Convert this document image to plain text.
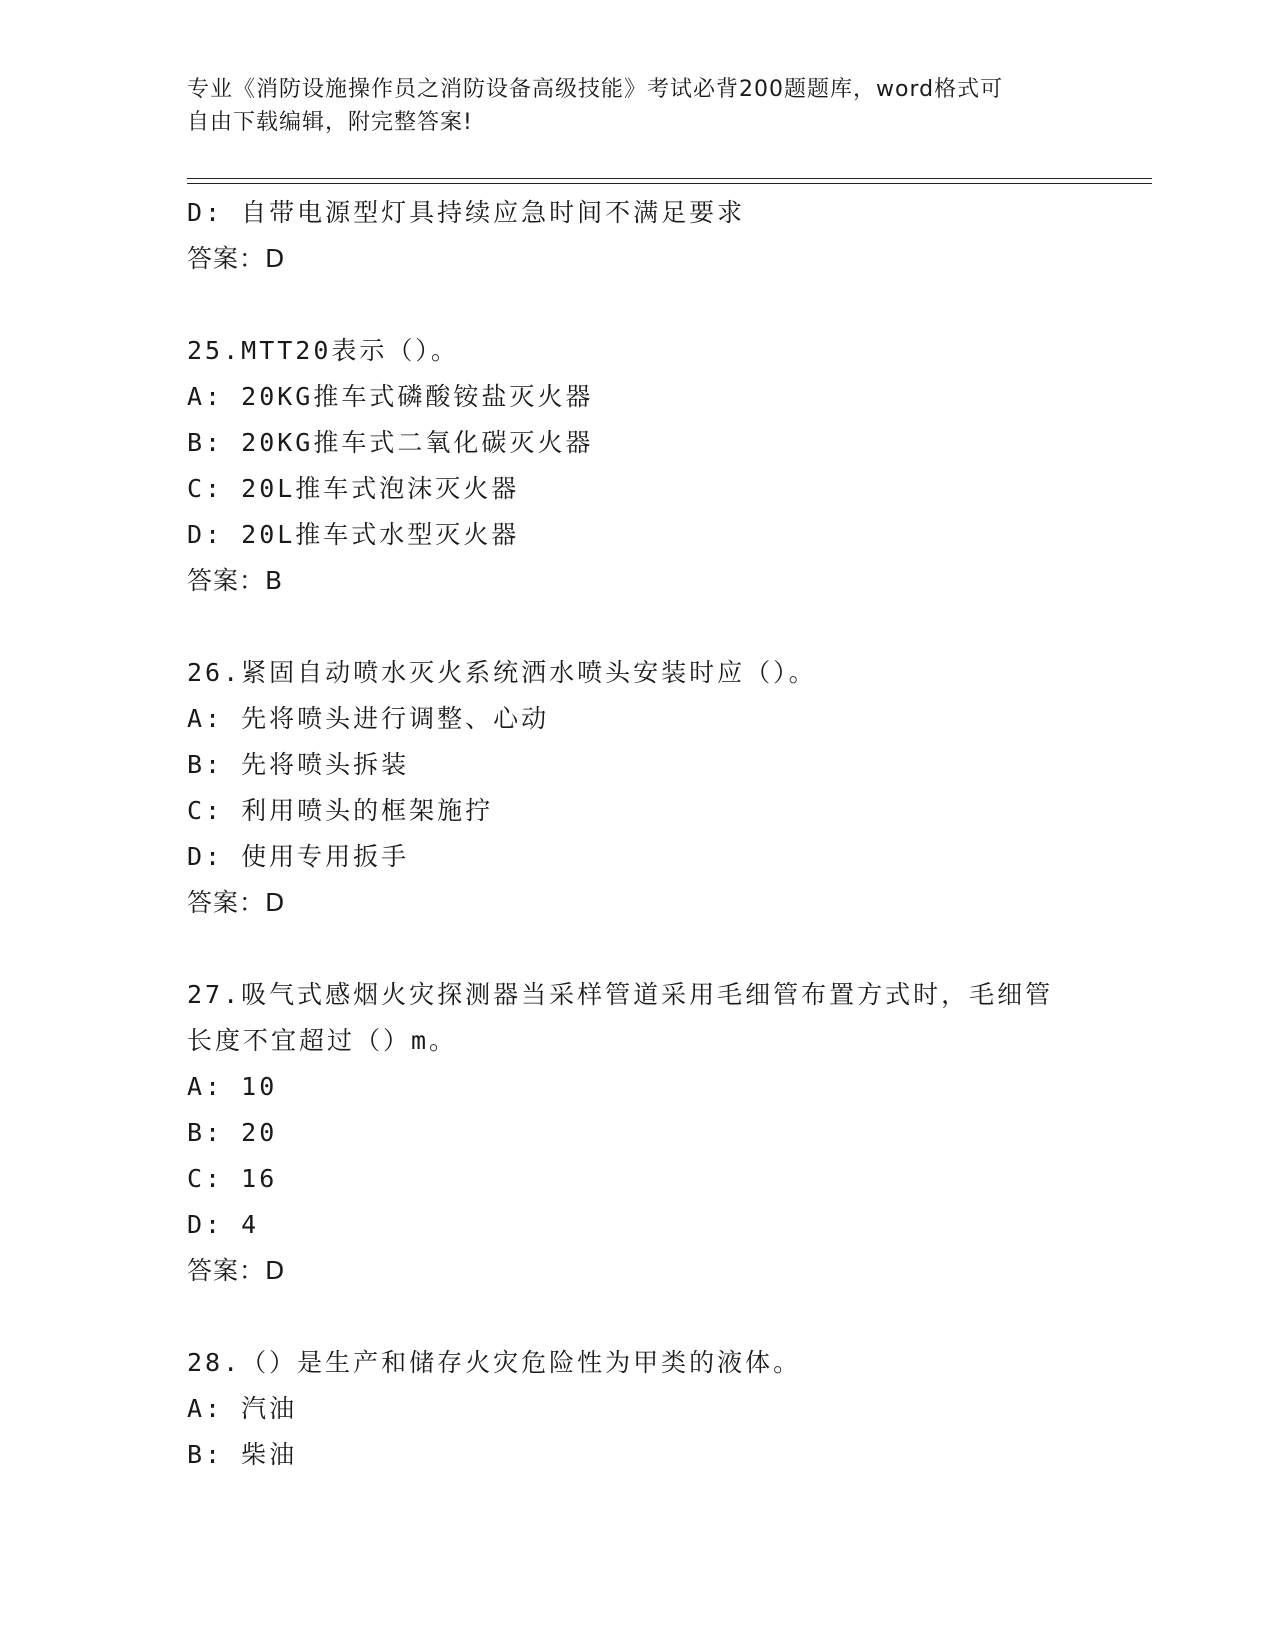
专业《消防设施操作员之消防设备高级技能》考试必背200题题库，word格式可
自由下载编辑，附完整答案!
D: 自带电源型灯具持续应急时间不满足要求
答案：D
25.MTT20表示（）。
A: 20KG推车式磷酸铵盐灭火器
B: 20KG推车式二氧化碳灭火器
C: 20L推车式泡沫灭火器
D: 20L推车式水型灭火器
答案：B
26.紧固自动喷水灭火系统洒水喷头安装时应（）。
A: 先将喷头进行调整、心动
B: 先将喷头拆装
C: 利用喷头的框架施拧
D: 使用专用扳手
答案：D
27.吸气式感烟火灾探测器当采样管道采用毛细管布置方式时，毛细管
长度不宜超过（）m。
A: 10
B: 20
C: 16
D: 4
答案：D
28.（）是生产和储存火灾危险性为甲类的液体。
A: 汽油
B: 柴油
